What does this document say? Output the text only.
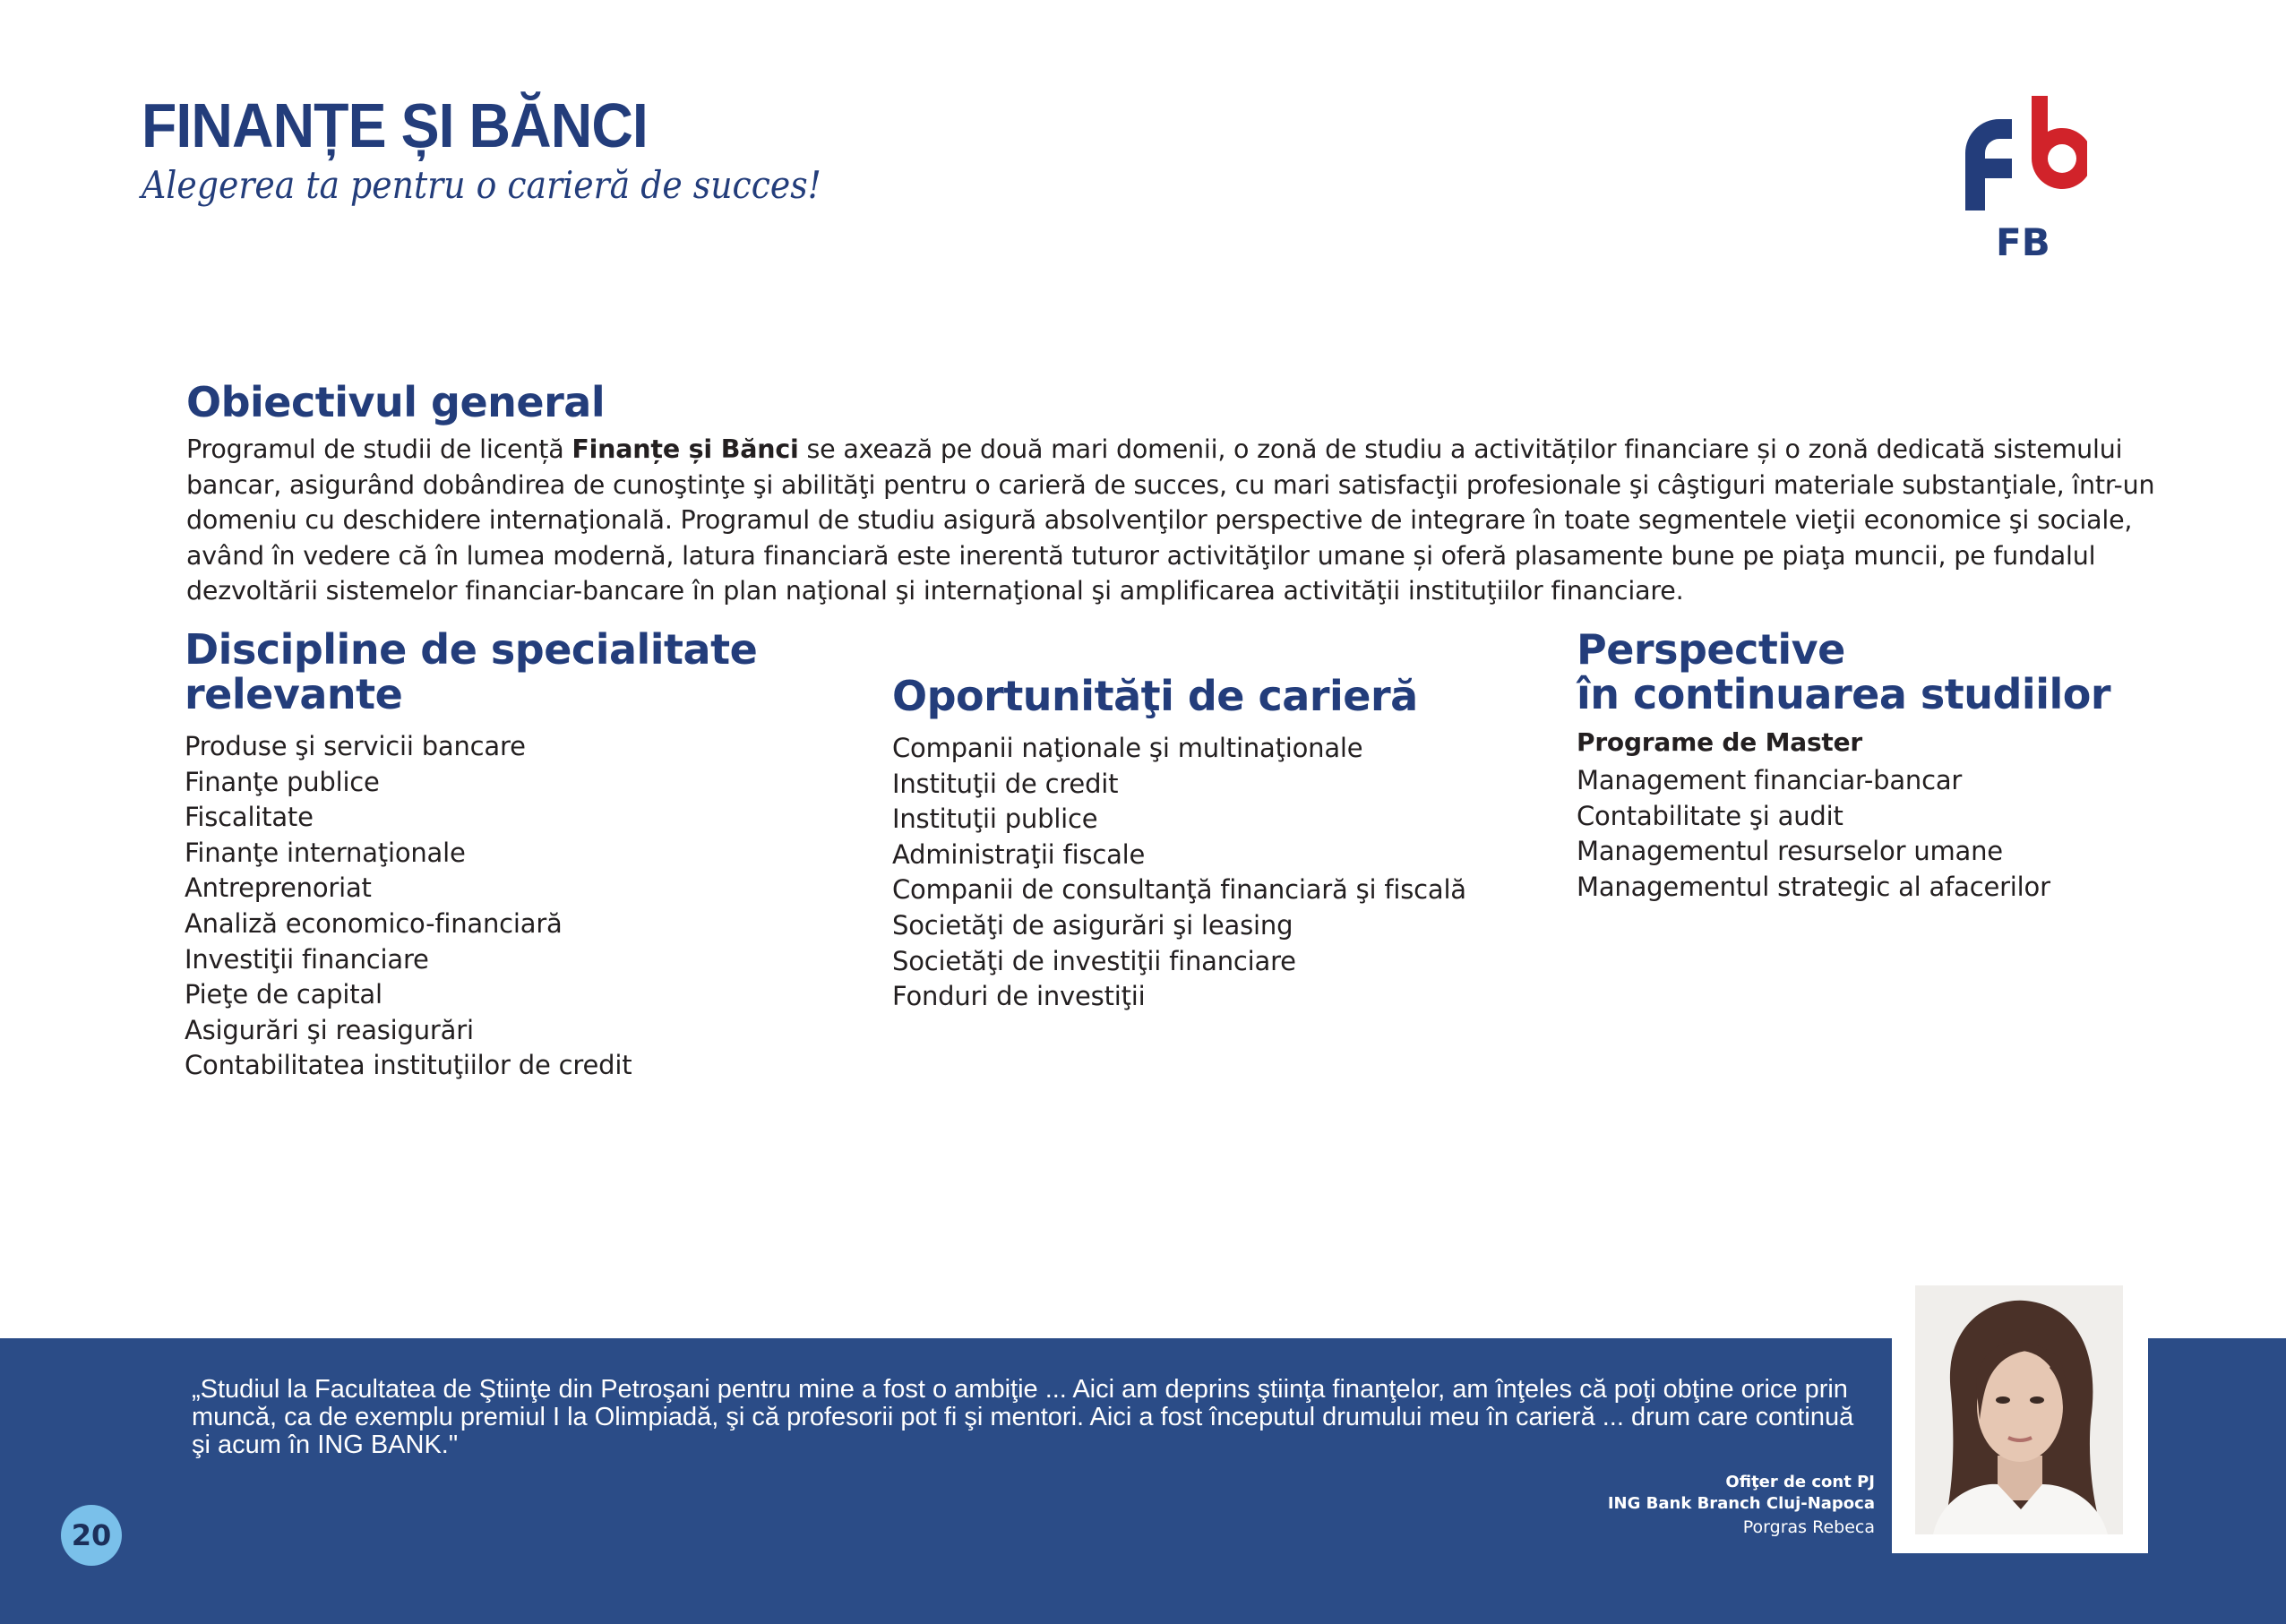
FINANȚE ȘI BĂNCI
Alegerea ta pentru o carieră de succes!
FB
Obiectivul general
Programul de studii de licență Finanțe și Bănci se axează pe două mari domenii, o zonă de studiu a activităților financiare și o zonă dedicată sistemului bancar, asigurând dobândirea de cunoştinţe şi abilităţi pentru o carieră de succes, cu mari satisfacţii profesionale şi câştiguri materiale substanţiale, într-un domeniu cu deschidere internaţională. Programul de studiu asigură absolvenţilor perspective de integrare în toate segmentele vieţii economice şi sociale, având în vedere că în lumea modernă, latura financiară este inerentă tuturor activităţilor umane și oferă plasamente bune pe piaţa muncii, pe fundalul dezvoltării sistemelor financiar-bancare în plan naţional şi internaţional şi amplificarea activităţii instituţiilor financiare.
Discipline de specialitate
relevante
Produse şi servicii bancare
Finanţe publice
Fiscalitate
Finanţe internaţionale
Antreprenoriat
Analiză economico-financiară
Investiţii financiare
Pieţe de capital
Asigurări şi reasigurări
Contabilitatea instituţiilor de credit
Oportunităţi de carieră
Companii naţionale şi multinaţionale
Instituţii de credit
Instituţii publice
Administraţii fiscale
Companii de consultanţă financiară şi fiscală
Societăţi de asigurări şi leasing
Societăţi de investiţii financiare
Fonduri de investiţii
Perspective
în continuarea studiilor
Programe de Master
Management financiar-bancar
Contabilitate şi audit
Managementul resurselor umane
Managementul strategic al afacerilor
„Studiul la Facultatea de Ştiinţe din Petroşani pentru mine a fost o ambiţie ... Aici am deprins ştiinţa finanţelor, am înţeles că poţi obţine orice prin muncă, ca de exemplu premiul I la Olimpiadă, şi că profesorii pot fi şi mentori. Aici a fost începutul drumului meu în carieră ... drum care continuă şi acum în ING BANK."
20
Ofiţer de cont PJ
ING Bank Branch Cluj-Napoca
Porgras Rebeca
